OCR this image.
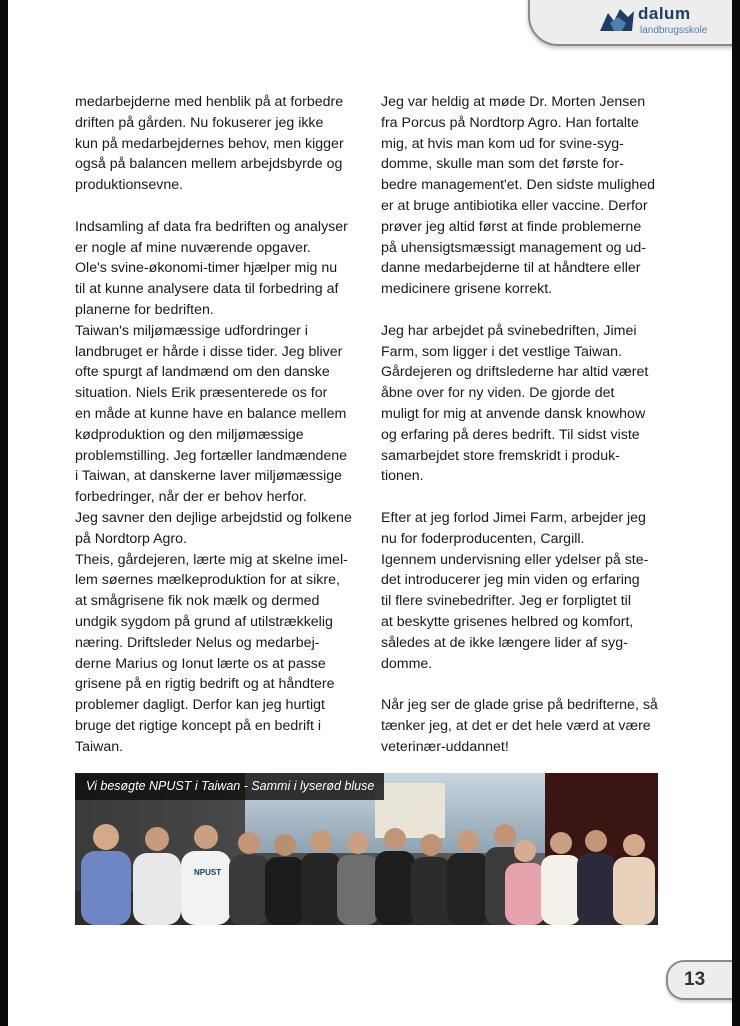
dalum
landbrugsskole

medarbejderne med henblik på at forbedre
driften på gården. Nu fokuserer jeg ikke
kun på medarbejdernes behov, men kigger
også på balancen mellem arbejdsbyrde og
produktionsevne.

Indsamling af data fra bedriften og analyser
er nogle af mine nuværende opgaver.
Ole's svine-økonomi-timer hjælper mig nu
til at kunne analysere data til forbedring af
planerne for bedriften.
Taiwan's miljømæssige udfordringer i
landbruget er hårde i disse tider. Jeg bliver
ofte spurgt af landmænd om den danske
situation. Niels Erik præsenterede os for
en måde at kunne have en balance mellem
kødproduktion og den miljømæssige
problemstilling. Jeg fortæller landmændene
i Taiwan, at danskerne laver miljømæssige
forbedringer, når der er behov herfor.
Jeg savner den dejlige arbejdstid og folkene
på Nordtorp Agro.
Theis, gårdejeren, lærte mig at skelne imel-
lem søernes mælkeproduktion for at sikre,
at smågrisene fik nok mælk og dermed
undgik sygdom på grund af utilstrækkelig
næring. Driftsleder Nelus og medarbej-
derne Marius og Ionut lærte os at passe
grisene på en rigtig bedrift og at håndtere
problemer dagligt. Derfor kan jeg hurtigt
bruge det rigtige koncept på en bedrift i
Taiwan.

Jeg var heldig at møde Dr. Morten Jensen
fra Porcus på Nordtorp Agro. Han fortalte
mig, at hvis man kom ud for svine-syg-
domme, skulle man som det første for-
bedre management'et. Den sidste mulighed
er at bruge antibiotika eller vaccine. Derfor
prøver jeg altid først at finde problemerne
på uhensigtsmæssigt management og ud-
danne medarbejderne til at håndtere eller
medicinere grisene korrekt.

Jeg har arbejdet på svinebedriften, Jimei
Farm, som ligger i det vestlige Taiwan.
Gårdejeren og driftslederne har altid været
åbne over for ny viden. De gjorde det
muligt for mig at anvende dansk knowhow
og erfaring på deres bedrift. Til sidst viste
samarbejdet store fremskridt i produk-
tionen.

Efter at jeg forlod Jimei Farm, arbejder jeg
nu for foderproducenten, Cargill.
Igennem undervisning eller ydelser på ste-
det introducerer jeg min viden og erfaring
til flere svinebedrifter. Jeg er forpligtet til
at beskytte grisenes helbred og komfort,
således at de ikke længere lider af syg-
domme.

Når jeg ser de glade grise på bedrifterne, så
tænker jeg, at det er det hele værd at være
veterinær-uddannet!

NPUST
Vi besøgte NPUST i Taiwan - Sammi i lyserød bluse
13
